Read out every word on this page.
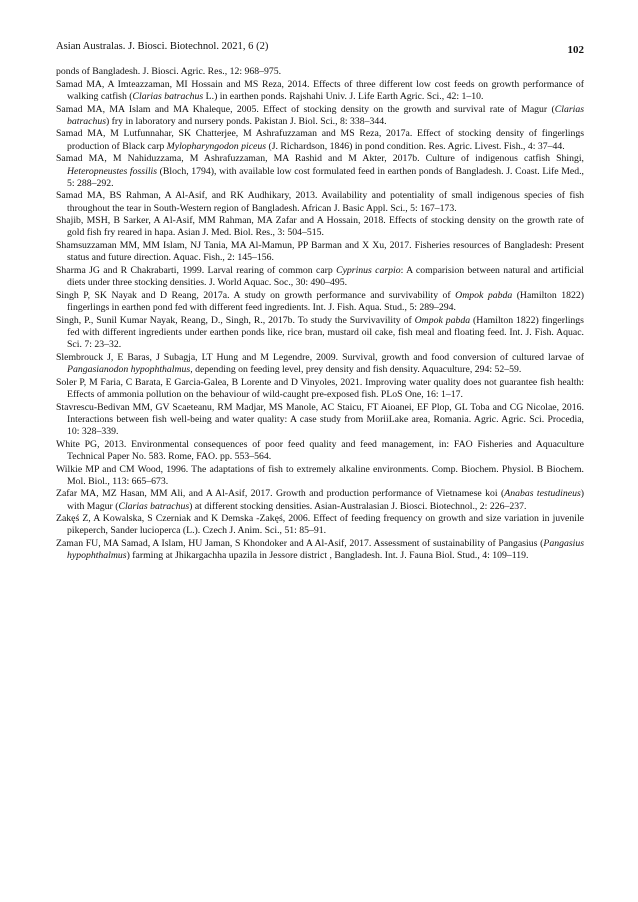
Asian Australas. J. Biosci. Biotechnol. 2021, 6 (2)	102

ponds of Bangladesh. J. Biosci. Agric. Res., 12: 968–975.

Samad MA, A Imteazzaman, MI Hossain and MS Reza, 2014. Effects of three different low cost feeds on growth performance of walking catfish (Clarias batrachus L.) in earthen ponds. Rajshahi Univ. J. Life Earth Agric. Sci., 42: 1–10.

Samad MA, MA Islam and MA Khaleque, 2005. Effect of stocking density on the growth and survival rate of Magur (Clarias batrachus) fry in laboratory and nursery ponds. Pakistan J. Biol. Sci., 8: 338–344.

Samad MA, M Lutfunnahar, SK Chatterjee, M Ashrafuzzaman and MS Reza, 2017a. Effect of stocking density of fingerlings production of Black carp Mylopharyngodon piceus (J. Richardson, 1846) in pond condition. Res. Agric. Livest. Fish., 4: 37–44.

Samad MA, M Nahiduzzama, M Ashrafuzzaman, MA Rashid and M Akter, 2017b. Culture of indigenous catfish Shingi, Heteropneustes fossilis (Bloch, 1794), with available low cost formulated feed in earthen ponds of Bangladesh. J. Coast. Life Med., 5: 288–292.

Samad MA, BS Rahman, A Al-Asif, and RK Audhikary, 2013. Availability and potentiality of small indigenous species of fish throughout the tear in South-Western region of Bangladesh. African J. Basic Appl. Sci., 5: 167–173.

Shajib, MSH, B Sarker, A Al-Asif, MM Rahman, MA Zafar and A Hossain, 2018. Effects of stocking density on the growth rate of gold fish fry reared in hapa. Asian J. Med. Biol. Res., 3: 504–515.

Shamsuzzaman MM, MM Islam, NJ Tania, MA Al-Mamun, PP Barman and X Xu, 2017. Fisheries resources of Bangladesh: Present status and future direction. Aquac. Fish., 2: 145–156.

Sharma JG and R Chakrabarti, 1999. Larval rearing of common carp Cyprinus carpio: A comparision between natural and artificial diets under three stocking densities. J. World Aquac. Soc., 30: 490–495.

Singh P, SK Nayak and D Reang, 2017a. A study on growth performance and survivability of Ompok pabda (Hamilton 1822) fingerlings in earthen pond fed with different feed ingredients. Int. J. Fish. Aqua. Stud., 5: 289–294.

Singh, P., Sunil Kumar Nayak, Reang, D., Singh, R., 2017b. To study the Survivavility of Ompok pabda (Hamilton 1822) fingerlings fed with different ingredients under earthen ponds like, rice bran, mustard oil cake, fish meal and floating feed. Int. J. Fish. Aquac. Sci. 7: 23–32.

Slembrouck J, E Baras, J Subagja, LT Hung and M Legendre, 2009. Survival, growth and food conversion of cultured larvae of Pangasianodon hypophthalmus, depending on feeding level, prey density and fish density. Aquaculture, 294: 52–59.

Soler P, M Faria, C Barata, E Garcia-Galea, B Lorente and D Vinyoles, 2021. Improving water quality does not guarantee fish health: Effects of ammonia pollution on the behaviour of wild-caught pre-exposed fish. PLoS One, 16: 1–17.

Stavrescu-Bedivan MM, GV Scaeteanu, RM Madjar, MS Manole, AC Staicu, FT Aioanei, EF Plop, GL Toba and CG Nicolae, 2016. Interactions between fish well-being and water quality: A case study from MoriiLake area, Romania. Agric. Agric. Sci. Procedia, 10: 328–339.

White PG, 2013. Environmental consequences of poor feed quality and feed management, in: FAO Fisheries and Aquaculture Technical Paper No. 583. Rome, FAO. pp. 553–564.

Wilkie MP and CM Wood, 1996. The adaptations of fish to extremely alkaline environments. Comp. Biochem. Physiol. B Biochem. Mol. Biol., 113: 665–673.

Zafar MA, MZ Hasan, MM Ali, and A Al-Asif, 2017. Growth and production performance of Vietnamese koi (Anabas testudineus) with Magur (Clarias batrachus) at different stocking densities. Asian-Australasian J. Biosci. Biotechnol., 2: 226–237.

Zakęś Z, A Kowalska, S Czerniak and K Demska -Zakęś, 2006. Effect of feeding frequency on growth and size variation in juvenile pikeperch, Sander lucioperca (L.). Czech J. Anim. Sci., 51: 85–91.

Zaman FU, MA Samad, A Islam, HU Jaman, S Khondoker and A Al-Asif, 2017. Assessment of sustainability of Pangasius (Pangasius hypophthalmus) farming at Jhikargachha upazila in Jessore district , Bangladesh. Int. J. Fauna Biol. Stud., 4: 109–119.
